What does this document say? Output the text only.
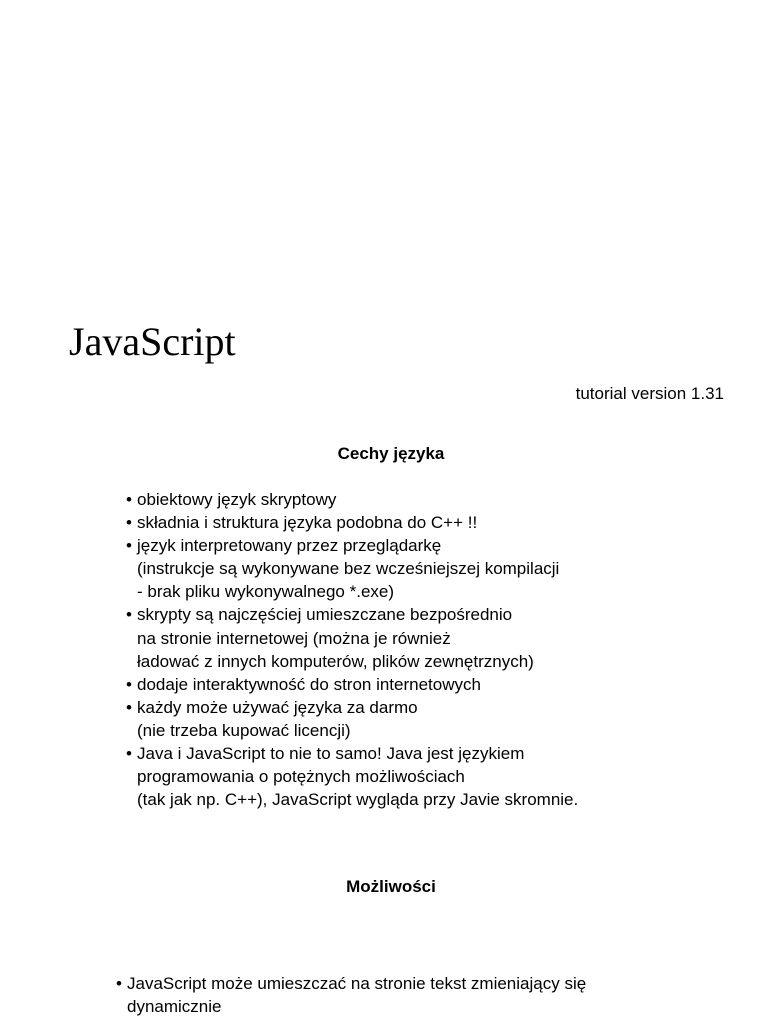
JavaScript
tutorial version 1.31
Cechy języka
• obiektowy język skryptowy
• składnia i struktura języka podobna do C++ !!
• język interpretowany przez przeglądarkę
(instrukcje są wykonywane bez wcześniejszej kompilacji
- brak pliku wykonywalnego *.exe)
• skrypty są najczęściej umieszczane bezpośrednio
na stronie internetowej (można je również
ładować z innych komputerów, plików zewnętrznych)
• dodaje interaktywność do stron internetowych
• każdy może używać języka za darmo
(nie trzeba kupować licencji)
• Java i JavaScript to nie to samo! Java jest językiem
programowania o potężnych możliwościach
(tak jak np. C++), JavaScript wygląda przy Javie skromnie.
Możliwości
• JavaScript może umieszczać na stronie tekst zmieniający się
dynamicznie
